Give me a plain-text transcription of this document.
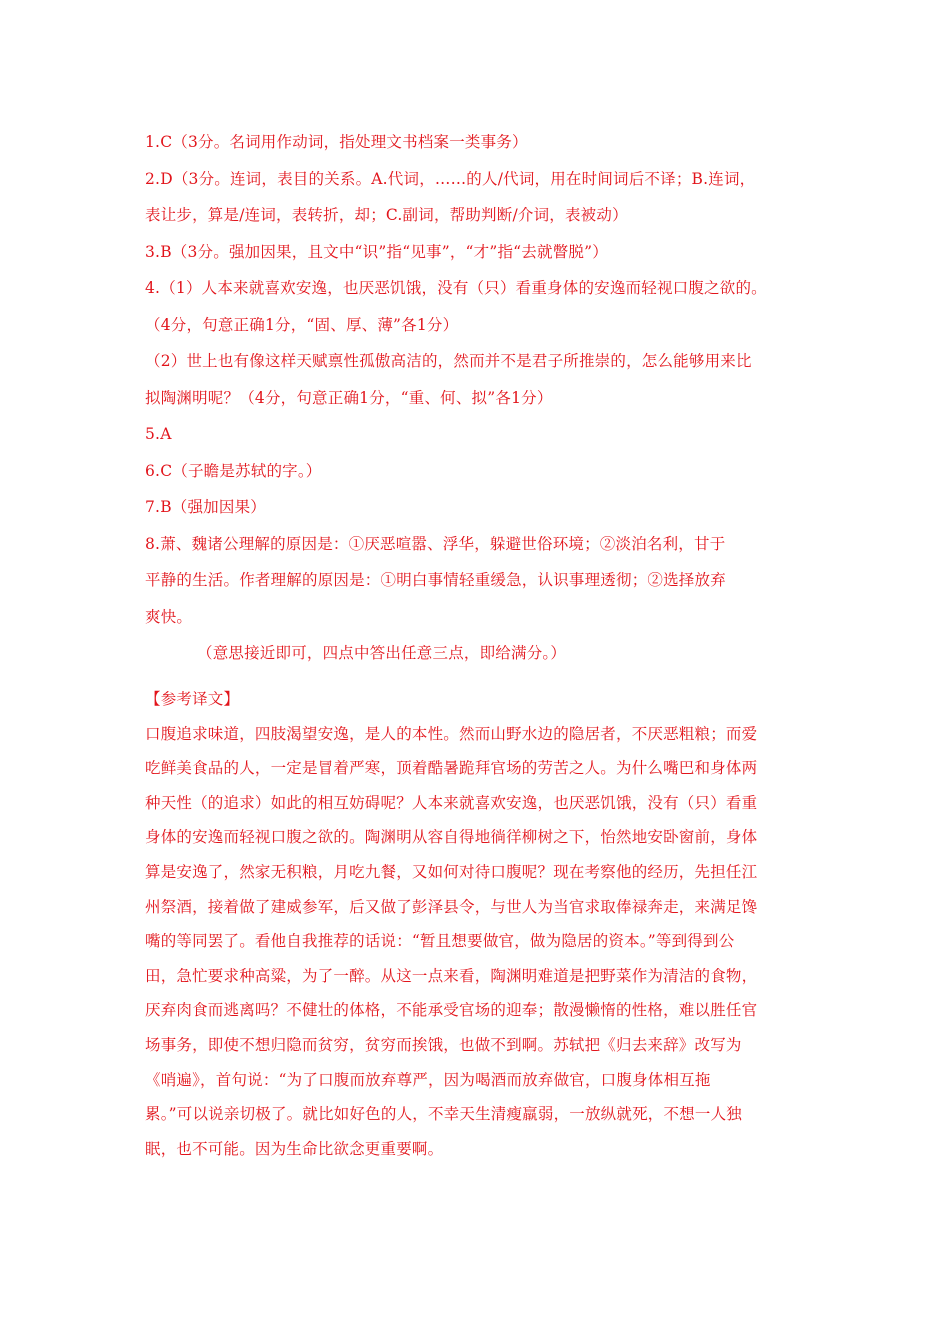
1.C（3分。名词用作动词，指处理文书档案一类事务）
2.D（3分。连词，表目的关系。A.代词，……的人/代词，用在时间词后不译；B.连词，
表让步，算是/连词，表转折，却；C.副词，帮助判断/介词，表被动）
3.B（3分。强加因果，且文中“识”指“见事”，“才”指“去就瞥脱”）
4.（1）人本来就喜欢安逸，也厌恶饥饿，没有（只）看重身体的安逸而轻视口腹之欲的。
（4分，句意正确1分，“固、厚、薄”各1分）
（2）世上也有像这样天赋禀性孤傲高洁的，然而并不是君子所推崇的，怎么能够用来比
拟陶渊明呢？（4分，句意正确1分，“重、何、拟”各1分）
5.A
6.C（子瞻是苏轼的字。）
7.B（强加因果）
8.萧、魏诸公理解的原因是：①厌恶喧嚣、浮华，躲避世俗环境；②淡泊名利，甘于
平静的生活。作者理解的原因是：①明白事情轻重缓急，认识事理透彻；②选择放弃
爽快。
（意思接近即可，四点中答出任意三点，即给满分。）
【参考译文】
口腹追求味道，四肢渴望安逸，是人的本性。然而山野水边的隐居者，不厌恶粗粮；而爱
吃鲜美食品的人，一定是冒着严寒，顶着酷暑跪拜官场的劳苦之人。为什么嘴巴和身体两
种天性（的追求）如此的相互妨碍呢？人本来就喜欢安逸，也厌恶饥饿，没有（只）看重
身体的安逸而轻视口腹之欲的。陶渊明从容自得地徜徉柳树之下，怡然地安卧窗前，身体
算是安逸了，然家无积粮，月吃九餐，又如何对待口腹呢？现在考察他的经历，先担任江
州祭酒，接着做了建威参军，后又做了彭泽县令，与世人为当官求取俸禄奔走，来满足馋
嘴的等同罢了。看他自我推荐的话说：“暂且想要做官，做为隐居的资本。”等到得到公
田，急忙要求种高粱，为了一醉。从这一点来看，陶渊明难道是把野菜作为清洁的食物，
厌弃肉食而逃离吗？不健壮的体格，不能承受官场的迎奉；散漫懒惰的性格，难以胜任官
场事务，即使不想归隐而贫穷，贫穷而挨饿，也做不到啊。苏轼把《归去来辞》改写为
《哨遍》，首句说：“为了口腹而放弃尊严，因为喝酒而放弃做官，口腹身体相互拖
累。”可以说亲切极了。就比如好色的人，不幸天生清瘦羸弱，一放纵就死，不想一人独
眠，也不可能。因为生命比欲念更重要啊。
